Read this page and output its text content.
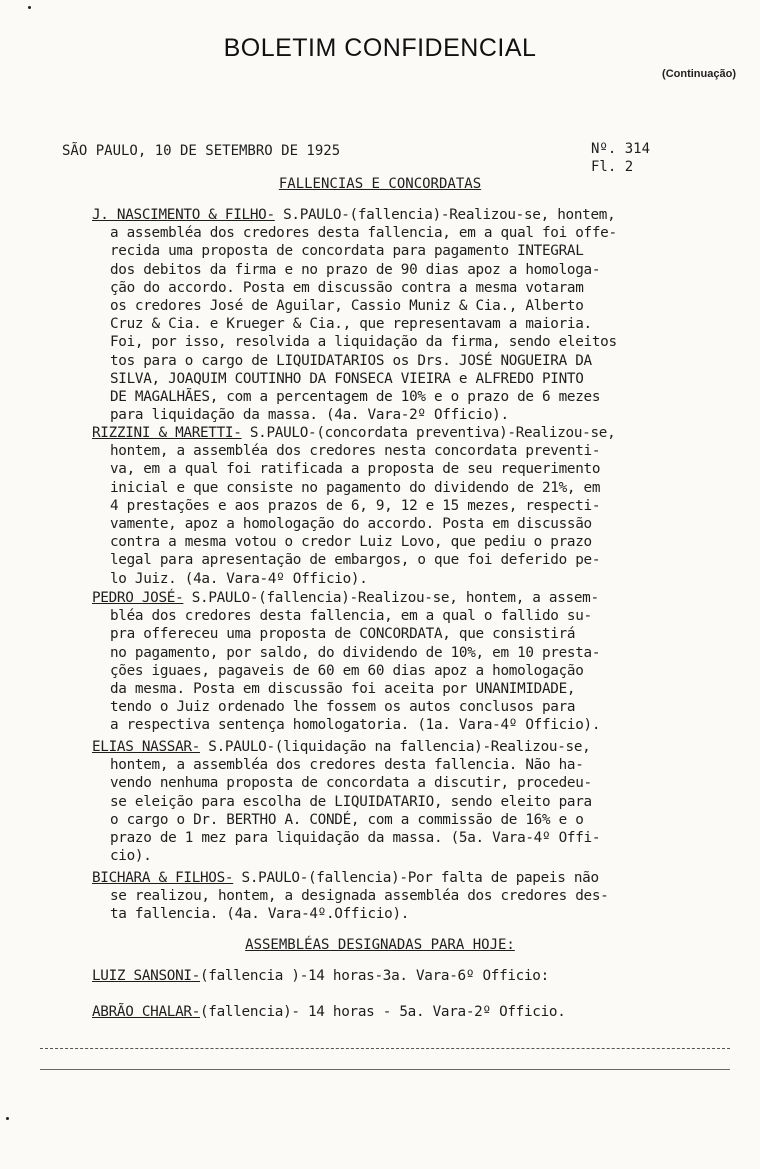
BOLETIM CONFIDENCIAL
(Continuação)
SÃO PAULO, 10 DE SETEMBRO DE 1925	Nº. 314
Fl. 2
FALLENCIAS E CONCORDATAS
J. NASCIMENTO & FILHO- S.PAULO-(fallencia)-Realizou-se, hontem,
a assembléa dos credores desta fallencia, em a qual foi offe-
recida uma proposta de concordata para pagamento INTEGRAL
dos debitos da firma e no prazo de 90 dias apoz a homologa-
ção do accordo. Posta em discussão contra a mesma votaram
os credores José de Aguilar, Cassio Muniz & Cia., Alberto
Cruz & Cia. e Krueger & Cia., que representavam a maioria.
Foi, por isso, resolvida a liquidação da firma, sendo eleitos
tos para o cargo de LIQUIDATARIOS os Drs. JOSÉ NOGUEIRA DA
SILVA, JOAQUIM COUTINHO DA FONSECA VIEIRA e ALFREDO PINTO
DE MAGALHÃES, com a percentagem de 10% e o prazo de 6 mezes
para liquidação da massa. (4a. Vara-2º Officio).
RIZZINI & MARETTI- S.PAULO-(concordata preventiva)-Realizou-se,
hontem, a assembléa dos credores nesta concordata preventi-
va, em a qual foi ratificada a proposta de seu requerimento
inicial e que consiste no pagamento do dividendo de 21%, em
4 prestações e aos prazos de 6, 9, 12 e 15 mezes, respecti-
vamente, apoz a homologação do accordo. Posta em discussão
contra a mesma votou o credor Luiz Lovo, que pediu o prazo
legal para apresentação de embargos, o que foi deferido pe-
lo Juiz. (4a. Vara-4º Officio).
PEDRO JOSÉ- S.PAULO-(fallencia)-Realizou-se, hontem, a assem-
bléa dos credores desta fallencia, em a qual o fallido su-
pra offereceu uma proposta de CONCORDATA, que consistirá
no pagamento, por saldo, do dividendo de 10%, em 10 presta-
ções iguaes, pagaveis de 60 em 60 dias apoz a homologação
da mesma. Posta em discussão foi aceita por UNANIMIDADE,
tendo o Juiz ordenado lhe fossem os autos conclusos para
a respectiva sentença homologatoria. (1a. Vara-4º Officio).
ELIAS NASSAR- S.PAULO-(liquidação na fallencia)-Realizou-se,
hontem, a assembléa dos credores desta fallencia. Não ha-
vendo nenhuma proposta de concordata a discutir, procedeu-
se eleição para escolha de LIQUIDATARIO, sendo eleito para
o cargo o Dr. BERTHO A. CONDÉ, com a commissão de 16% e o
prazo de 1 mez para liquidação da massa. (5a. Vara-4º Offi-
cio).
BICHARA & FILHOS- S.PAULO-(fallencia)-Por falta de papeis não
se realizou, hontem, a designada assembléa dos credores des-
ta fallencia. (4a. Vara-4º.Officio).
ASSEMBLÉAS DESIGNADAS PARA HOJE:
LUIZ SANSONI-(fallencia )-14 horas-3a. Vara-6º Officio:
ABRÃO CHALAR-(fallencia)- 14 horas - 5a. Vara-2º Officio.
